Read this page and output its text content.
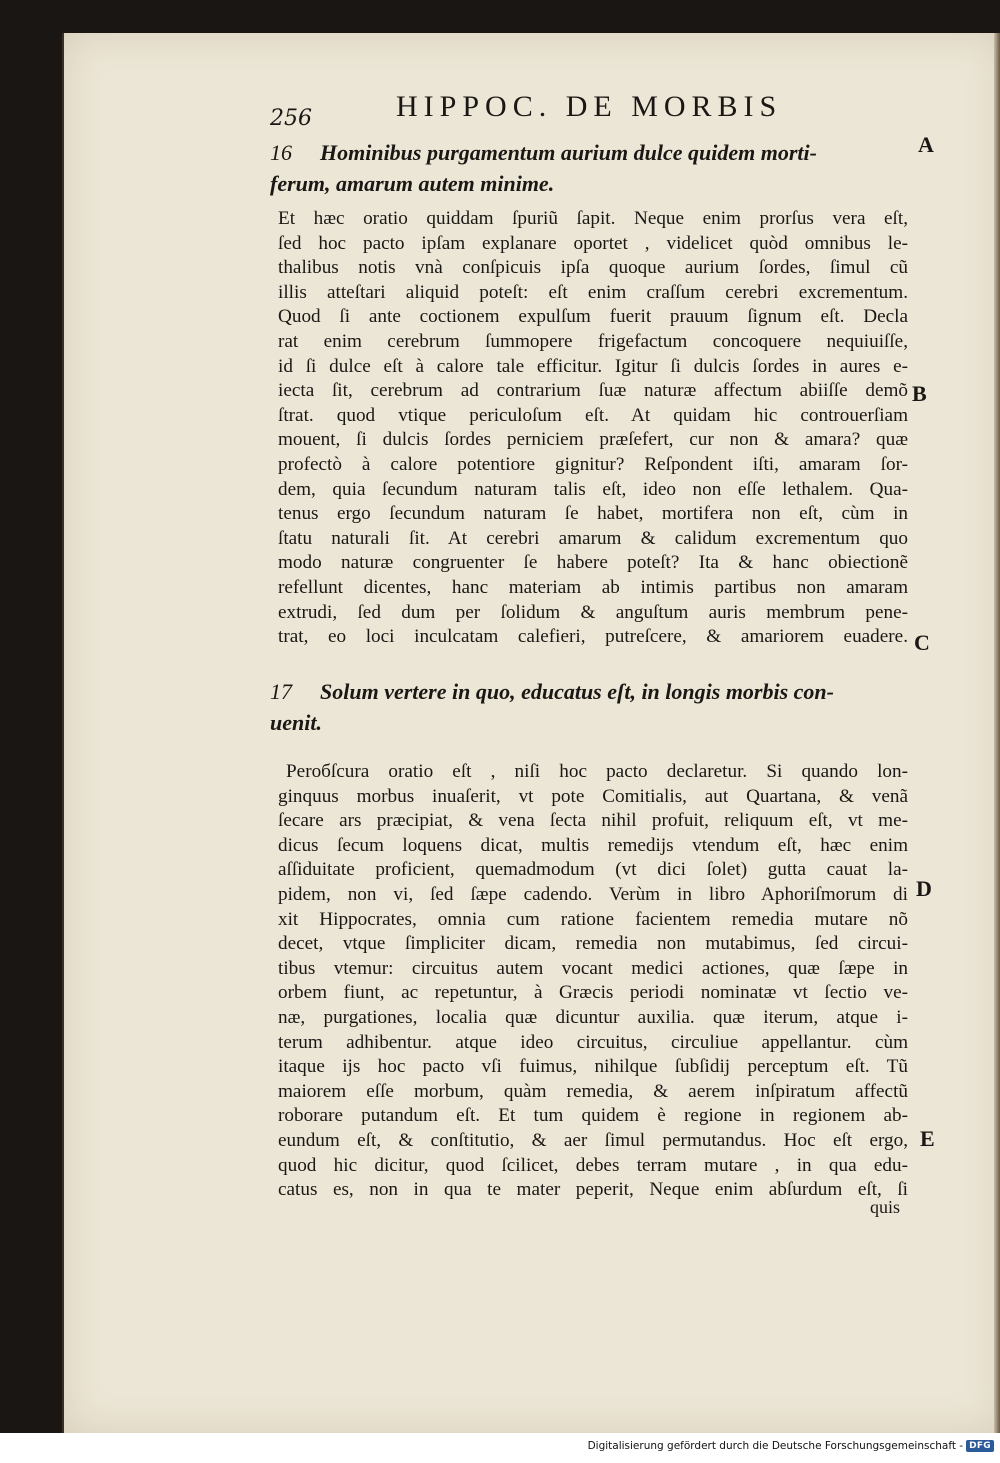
256	HIPPOC. DE MORBIS
16 Hominibus purgamentum aurium dulce quidem morti-
ferum, amarum autem minime.
Et hæc oratio quiddam ſpuriũ ſapit. Neque enim prorſus vera eſt,
ſed hoc pacto ipſam explanare oportet , videlicet quòd omnibus le-
thalibus notis vnà conſpicuis ipſa quoque aurium ſordes, ſimul cũ
illis atteſtari aliquid poteſt: eſt enim craſſum cerebri excrementum.
Quod ſi ante coctionem expulſum fuerit prauum ſignum eſt. Decla
rat enim cerebrum ſummopere frigefactum concoquere nequiuiſſe,
id ſi dulce eſt à calore tale efficitur. Igitur ſi dulcis ſordes in aures e-
iecta ſit, cerebrum ad contrarium ſuæ naturæ affectum abiiſſe demõ
ſtrat. quod vtique periculoſum eſt. At quidam hic controuerſiam
mouent, ſi dulcis ſordes perniciem præſefert, cur non & amara? quæ
profectò à calore potentiore gignitur? Reſpondent iſti, amaram ſor-
dem, quia ſecundum naturam talis eſt, ideo non eſſe lethalem. Qua-
tenus ergo ſecundum naturam ſe habet, mortifera non eſt, cùm in
ſtatu naturali ſit. At cerebri amarum & calidum excrementum quo
modo naturæ congruenter ſe habere poteſt? Ita & hanc obiectionẽ
refellunt dicentes, hanc materiam ab intimis partibus non amaram
extrudi, ſed dum per ſolidum & anguſtum auris membrum pene-
trat, eo loci inculcatam calefieri, putreſcere, & amariorem euadere.
17 Solum vertere in quo, educatus eſt, in longis morbis con-
uenit.
Peroбſcura oratio eſt , niſi hoc pacto declaretur. Si quando lon-
ginquus morbus inuaſerit, vt pote Comitialis, aut Quartana, & venã
ſecare ars præcipiat, & vena ſecta nihil profuit, reliquum eſt, vt me-
dicus ſecum loquens dicat, multis remedijs vtendum eſt, hæc enim
aſſiduitate proficient, quemadmodum (vt dici ſolet) gutta cauat la-
pidem, non vi, ſed ſæpe cadendo. Verùm in libro Aphoriſmorum di
xit Hippocrates, omnia cum ratione facientem remedia mutare nõ
decet, vtque ſimpliciter dicam, remedia non mutabimus, ſed circui-
tibus vtemur: circuitus autem vocant medici actiones, quæ ſæpe in
orbem fiunt, ac repetuntur, à Græcis periodi nominatæ vt ſectio ve-
næ, purgationes, localia quæ dicuntur auxilia. quæ iterum, atque i-
terum adhibentur. atque ideo circuitus, circuliue appellantur. cùm
itaque ijs hoc pacto vſi fuimus, nihilque ſubſidij perceptum eſt. Tũ
maiorem eſſe morbum, quàm remedia, & aerem inſpiratum affectũ
roborare putandum eſt. Et tum quidem è regione in regionem ab-
eundum eſt, & conſtitutio, & aer ſimul permutandus. Hoc eſt ergo,
quod hic dicitur, quod ſcilicet, debes terram mutare , in qua edu-
catus es, non in qua te mater peperit, Neque enim abſurdum eſt, ſi
quis
A
B
C
D
E
Digitalisierung gefördert durch die Deutsche Forschungsgemeinschaft - DFG
